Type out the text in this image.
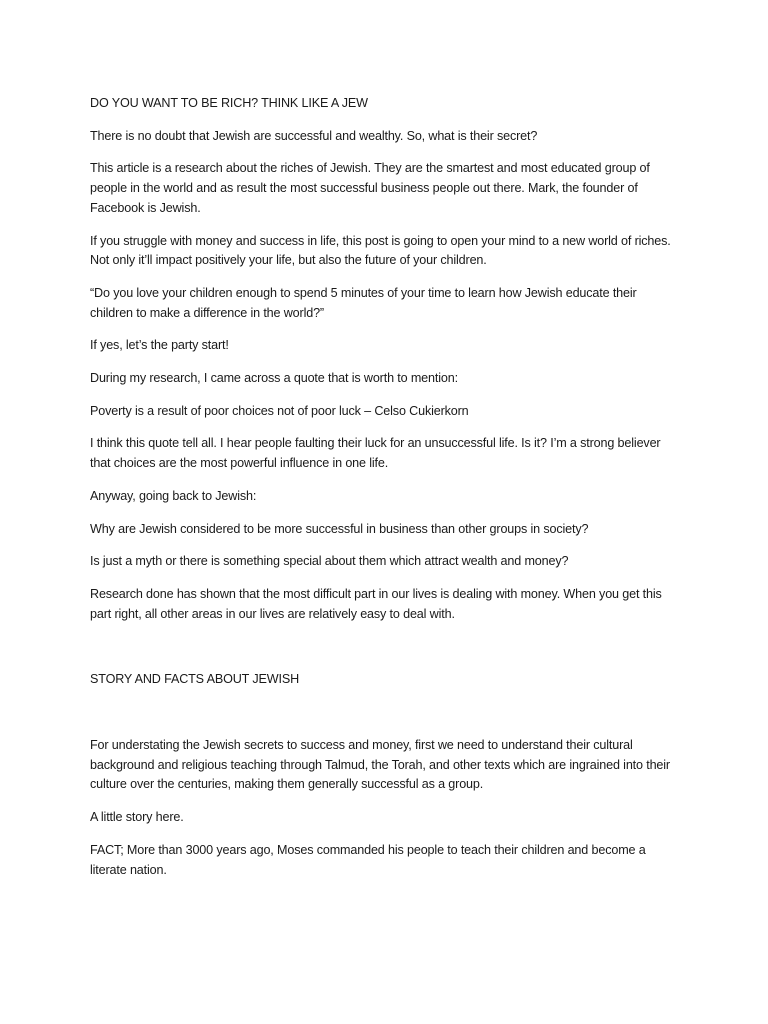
DO YOU WANT TO BE RICH? THINK LIKE A JEW

There is no doubt that Jewish are successful and wealthy. So, what is their secret?

This article is a research about the riches of Jewish. They are the smartest and most educated group of people in the world and as result the most successful business people out there. Mark, the founder of Facebook is Jewish.

If you struggle with money and success in life, this post is going to open your mind to a new world of riches. Not only it’ll impact positively your life, but also the future of your children.

“Do you love your children enough to spend 5 minutes of your time to learn how Jewish educate their children to make a difference in the world?”

If yes, let’s the party start!

During my research, I came across a quote that is worth to mention:

Poverty is a result of poor choices not of poor luck – Celso Cukierkorn

I think this quote tell all. I hear people faulting their luck for an unsuccessful life. Is it? I’m a strong believer that choices are the most powerful influence in one life.

Anyway, going back to Jewish:

Why are Jewish considered to be more successful in business than other groups in society?

Is just a myth or there is something special about them which attract wealth and money?

Research done has shown that the most difficult part in our lives is dealing with money. When you get this part right, all other areas in our lives are relatively easy to deal with.

STORY AND FACTS ABOUT JEWISH

For understating the Jewish secrets to success and money, first we need to understand their cultural background and religious teaching through Talmud, the Torah, and other texts which are ingrained into their culture over the centuries, making them generally successful as a group.

A little story here.

FACT; More than 3000 years ago, Moses commanded his people to teach their children and become a literate nation.
